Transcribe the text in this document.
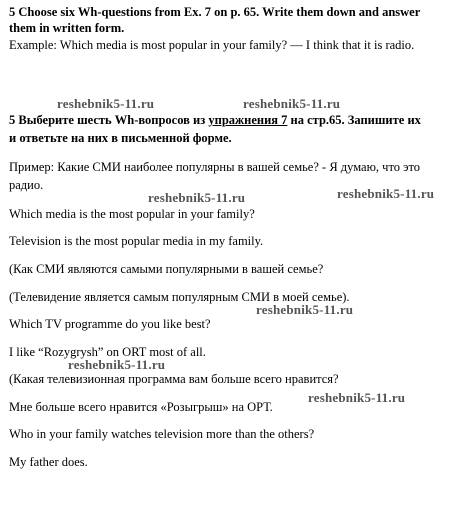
5 Choose six Wh-questions from Ex. 7 on p. 65. Write them down and answer
them in written form.
Example: Which media is most popular in your family? — I think that it is radio.
5 Выберите шесть Wh-вопросов из упражнения 7 на стр.65. Запишите их
и ответьте на них в письменной форме.
Пример: Какие СМИ наиболее популярны в вашей семье? - Я думаю, что это
радио.
Which media is the most popular in your family?
Television is the most popular media in my family.
(Как СМИ являются самыми популярными в вашей семье?
(Телевидение является самым популярным СМИ в моей семье).
Which TV programme do you like best?
I like “Rozygrysh” on ORT most of all.
(Какая телевизионная программа вам больше всего нравится?
Мне больше всего нравится «Розыгрыш» на ОРТ.
Who in your family watches television more than the others?
My father does.
reshebnik5-11.ru	reshebnik5-11.ru
reshebnik5-11.ru	reshebnik5-11.ru
reshebnik5-11.ru
reshebnik5-11.ru
reshebnik5-11.ru
